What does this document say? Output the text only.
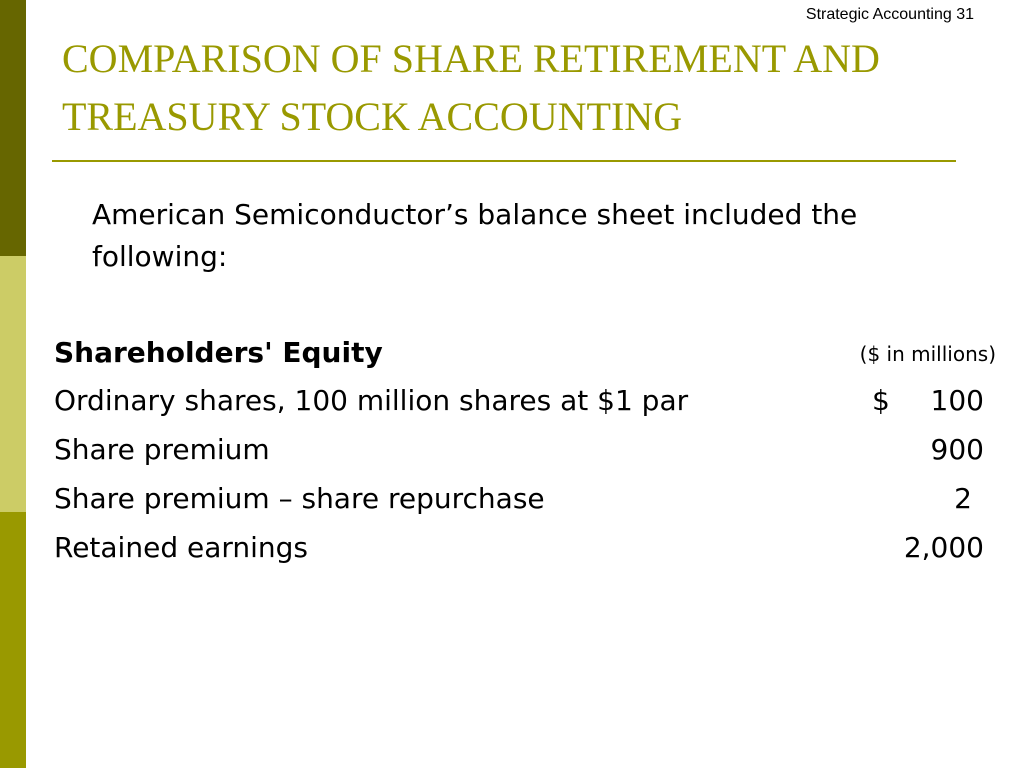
Strategic Accounting 31
COMPARISON OF SHARE RETIREMENT AND TREASURY STOCK ACCOUNTING

American Semiconductor’s balance sheet included the following:

Shareholders' Equity	($ in millions)
Ordinary shares, 100 million shares at $1 par	$ 100
Share premium	900
Share premium – share repurchase	2
Retained earnings	2,000
